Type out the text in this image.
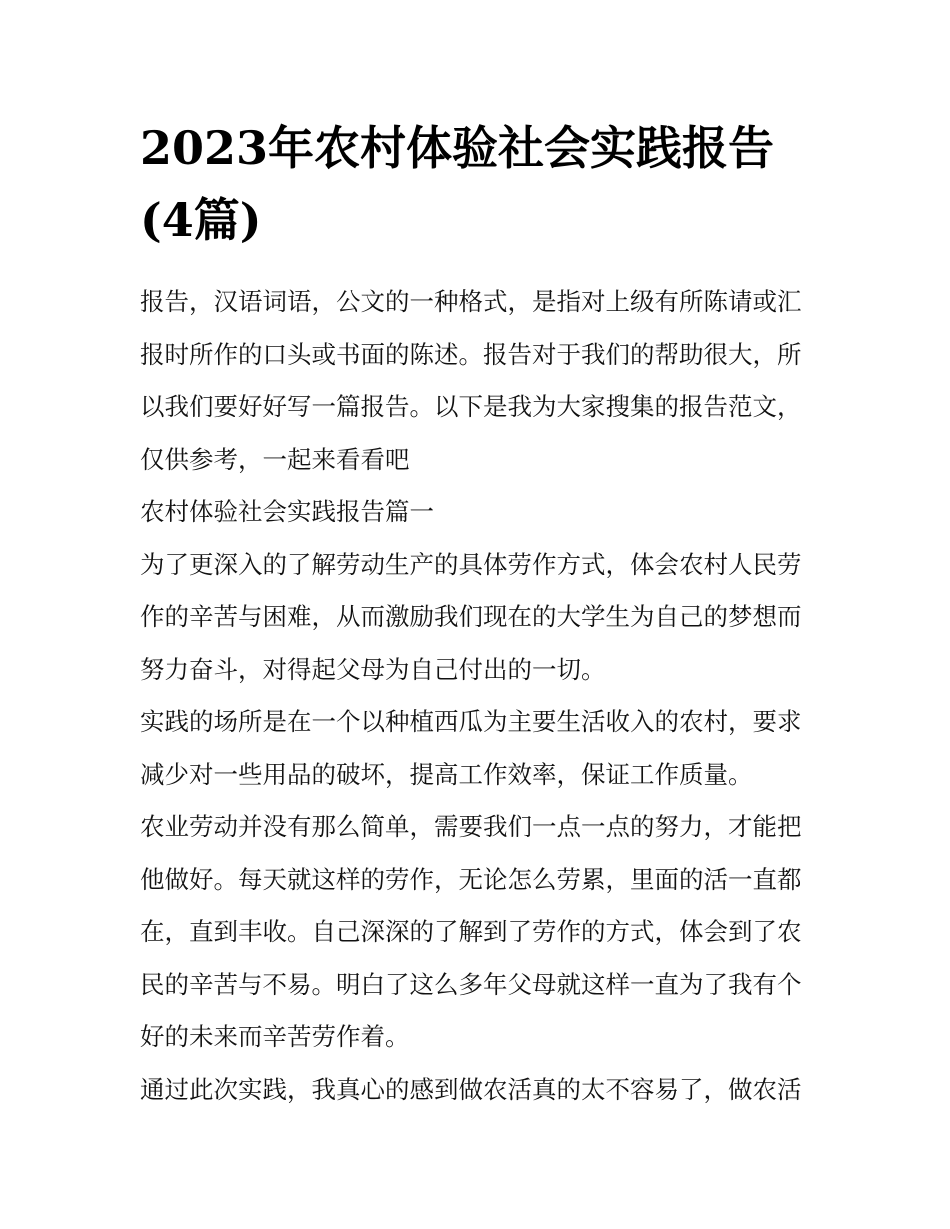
2023年农村体验社会实践报告
(4篇)
报告，汉语词语，公文的一种格式，是指对上级有所陈请或汇
报时所作的口头或书面的陈述。报告对于我们的帮助很大，所
以我们要好好写一篇报告。以下是我为大家搜集的报告范文，
仅供参考，一起来看看吧
农村体验社会实践报告篇一
为了更深入的了解劳动生产的具体劳作方式，体会农村人民劳
作的辛苦与困难，从而激励我们现在的大学生为自己的梦想而
努力奋斗，对得起父母为自己付出的一切。
实践的场所是在一个以种植西瓜为主要生活收入的农村，要求
减少对一些用品的破坏，提高工作效率，保证工作质量。
农业劳动并没有那么简单，需要我们一点一点的努力，才能把
他做好。每天就这样的劳作，无论怎么劳累，里面的活一直都
在，直到丰收。自己深深的了解到了劳作的方式，体会到了农
民的辛苦与不易。明白了这么多年父母就这样一直为了我有个
好的未来而辛苦劳作着。
通过此次实践，我真心的感到做农活真的太不容易了，做农活
